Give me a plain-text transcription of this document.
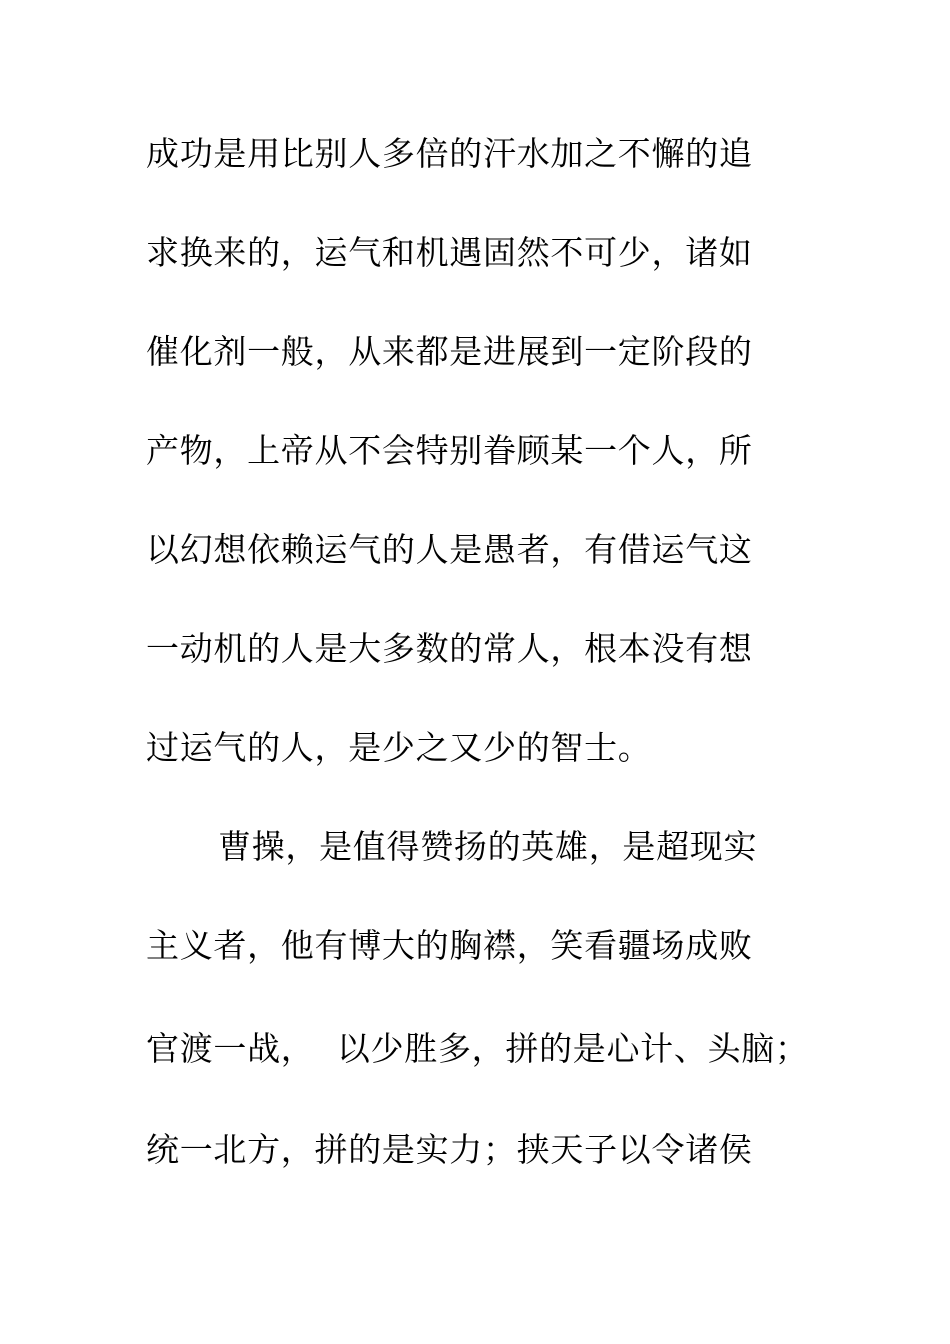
成功是用比别人多倍的汗水加之不懈的追
求换来的，运气和机遇固然不可少，诸如
催化剂一般，从来都是进展到一定阶段的
产物，上帝从不会特别眷顾某一个人，所
以幻想依赖运气的人是愚者，有借运气这
一动机的人是大多数的常人，根本没有想
过运气的人，是少之又少的智士。
曹操，是值得赞扬的英雄，是超现实
主义者，他有博大的胸襟，笑看疆场成败
官渡一战，  以少胜多，拼的是心计、头脑；
统一北方，拼的是实力；挟天子以令诸侯
